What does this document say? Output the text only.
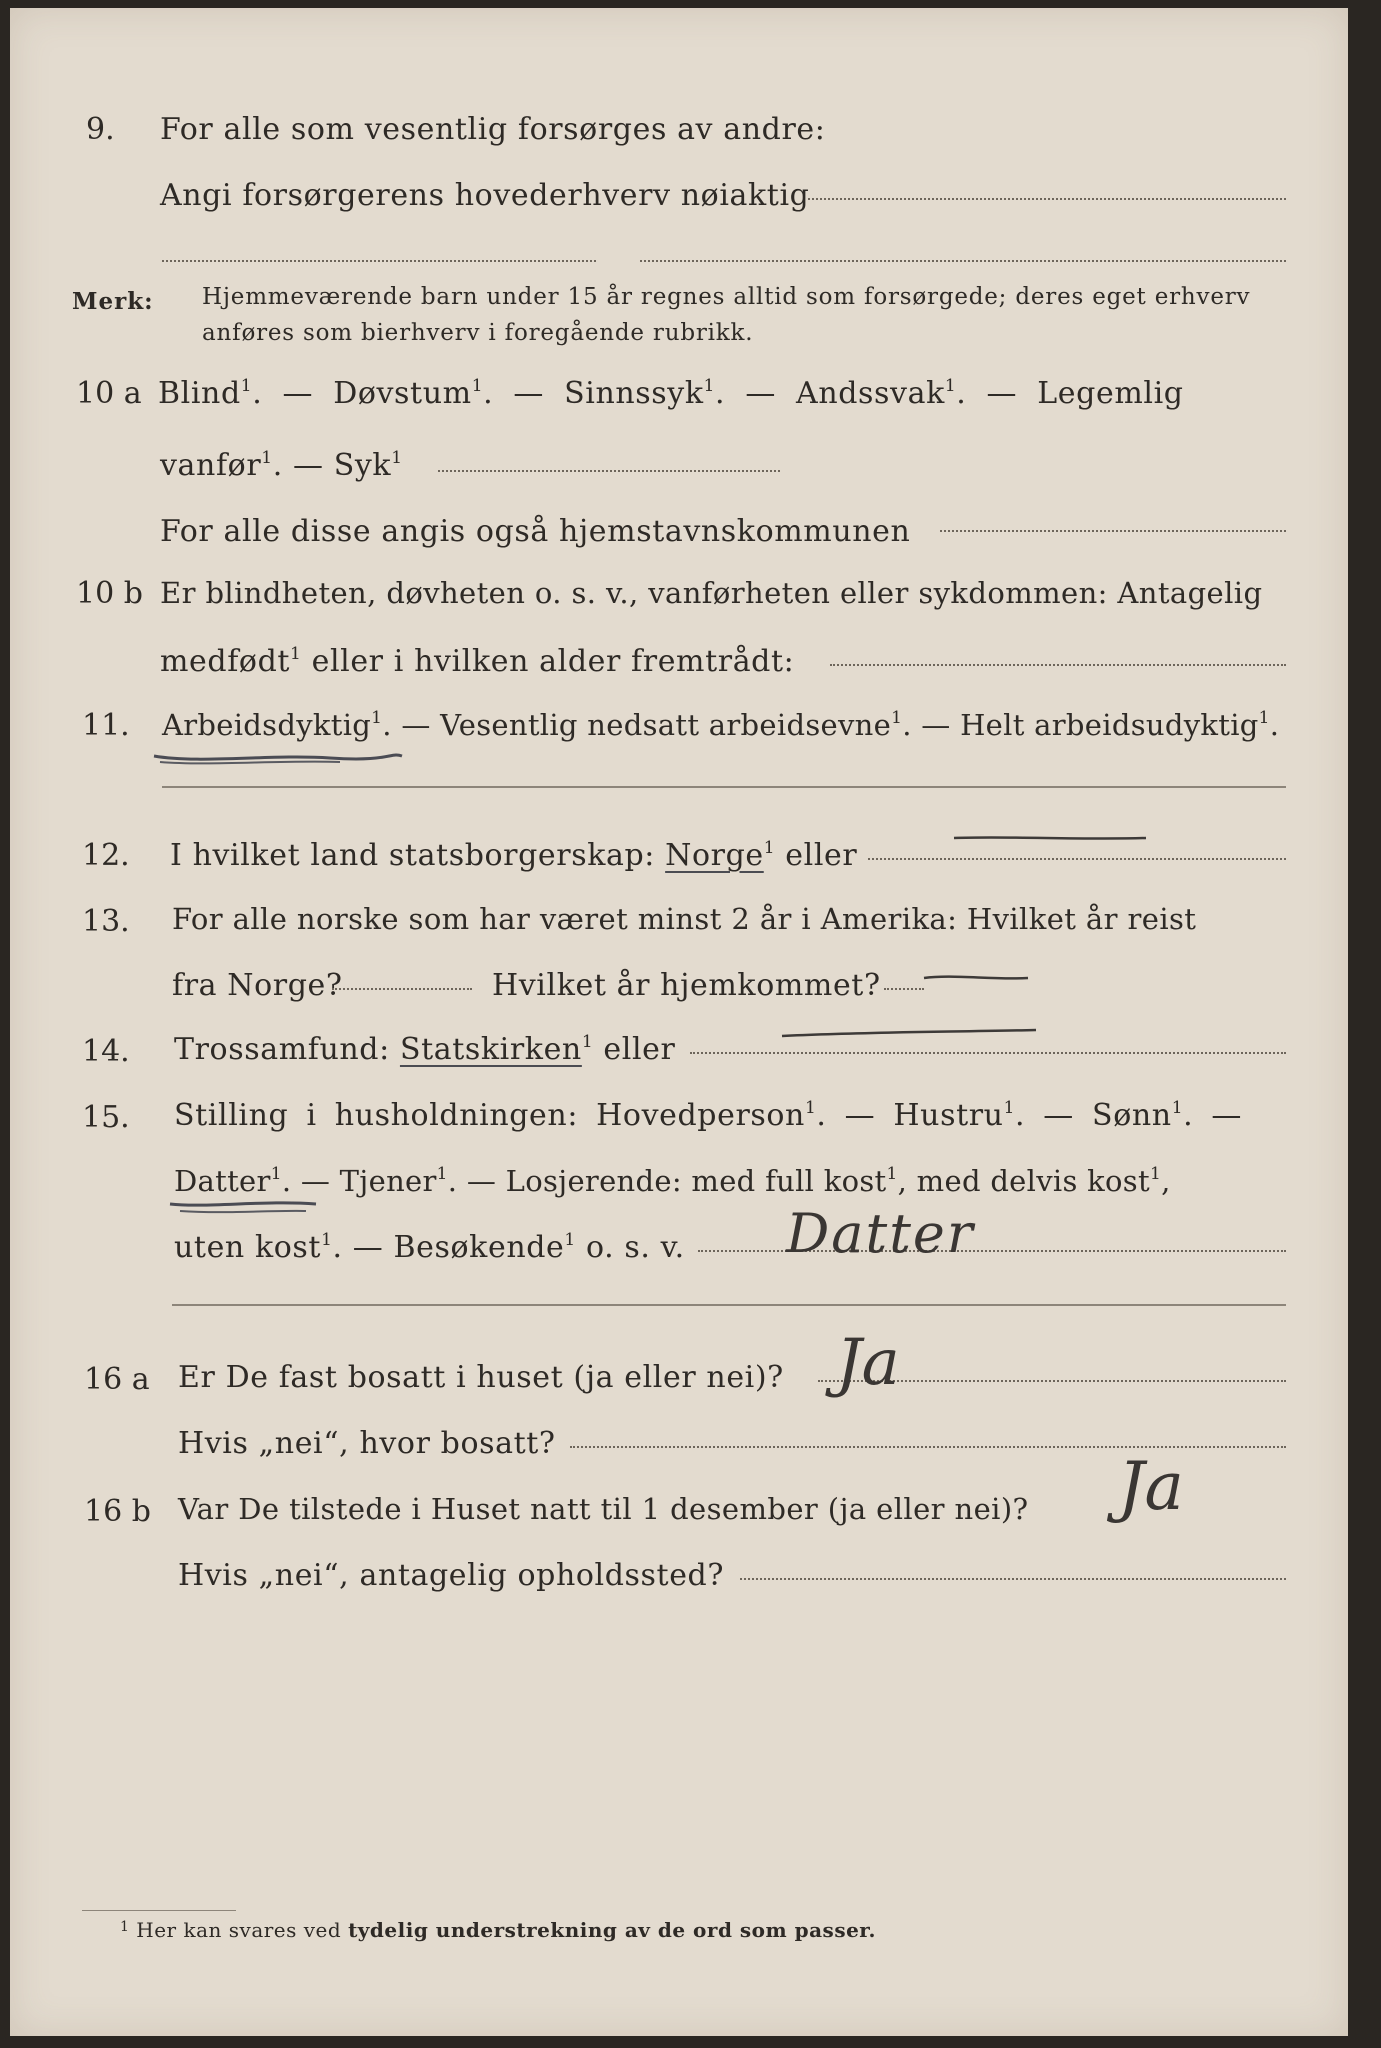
9. For alle som vesentlig forsørges av andre:
Angi forsørgerens hovederhverv nøiaktig
Merk: Hjemmeværende barn under 15 år regnes alltid som forsørgede; deres eget erhverv
anføres som bierhverv i foregående rubrikk.
10 a Blind$^1$. — Døvstum$^1$. — Sinnssyk$^1$. — Andssvak$^1$. — Legemlig
vanfør$^1$. — Syk$^1$
For alle disse angis også hjemstavnskommunen
10 b Er blindheten, døvheten o. s. v., vanførheten eller sykdommen: Antagelig
medfødt$^1$ eller i hvilken alder fremtrådt:
11. Arbeidsdyktig$^1$. — Vesentlig nedsatt arbeidsevne$^1$. — Helt arbeidsudyktig$^1$.
12. I hvilket land statsborgerskap: Norge$^1$ eller
13. For alle norske som har været minst 2 år i Amerika: Hvilket år reist
fra Norge?	Hvilket år hjemkommet?
14. Trossamfund: Statskirken$^1$ eller
15. Stilling i husholdningen: Hovedperson$^1$. — Hustru$^1$. — Sønn$^1$. —
Datter$^1$. — Tjener$^1$. — Losjerende: med full kost$^1$, med delvis kost$^1$,
uten kost$^1$. — Besøkende$^1$ o. s. v. Datter
16 a Er De fast bosatt i huset (ja eller nei)? Ja
Hvis „nei“, hvor bosatt?
16 b Var De tilstede i Huset natt til 1 desember (ja eller nei)? Ja
Hvis „nei“, antagelig opholdssted?
$^1$ Her kan svares ved tydelig understrekning av de ord som passer.
